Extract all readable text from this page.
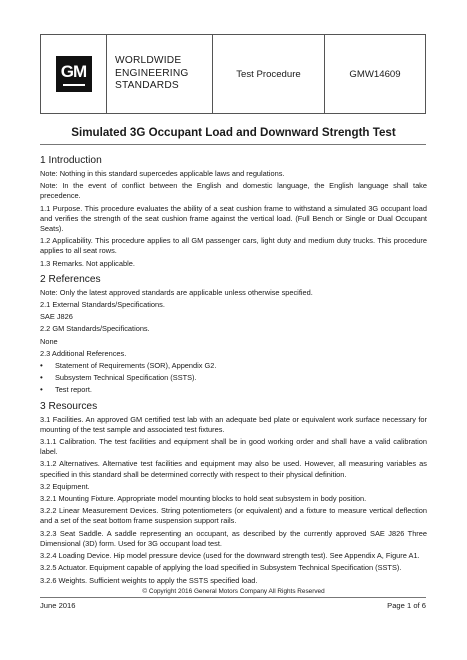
GM
WORLDWIDE
ENGINEERING
STANDARDS
Test Procedure	GMW14609
Simulated 3G Occupant Load and Downward Strength Test
1 Introduction
Note: Nothing in this standard supercedes applicable laws and regulations.
Note: In the event of conflict between the English and domestic language, the English language shall take precedence.
1.1 Purpose. This procedure evaluates the ability of a seat cushion frame to withstand a simulated 3G occupant load and verifies the strength of the seat cushion frame against the vertical load. (Full Bench or Single or Dual Occupant Seats).
1.2 Applicability. This procedure applies to all GM passenger cars, light duty and medium duty trucks. This procedure applies to all seat rows.
1.3 Remarks. Not applicable.
2 References
Note: Only the latest approved standards are applicable unless otherwise specified.
2.1 External Standards/Specifications.
SAE J826
2.2 GM Standards/Specifications.
None
2.3 Additional References.
• Statement of Requirements (SOR), Appendix G2.
• Subsystem Technical Specification (SSTS).
• Test report.
3 Resources
3.1 Facilities. An approved GM certified test lab with an adequate bed plate or equivalent work surface necessary for mounting of the test sample and associated test fixtures.
3.1.1 Calibration. The test facilities and equipment shall be in good working order and shall have a valid calibration label.
3.1.2 Alternatives. Alternative test facilities and equipment may also be used. However, all measuring variables as specified in this standard shall be determined correctly with respect to their physical definition.
3.2 Equipment.
3.2.1 Mounting Fixture. Appropriate model mounting blocks to hold seat subsystem in body position.
3.2.2 Linear Measurement Devices. String potentiometers (or equivalent) and a fixture to measure vertical deflection and a set of the seat bottom frame suspension support rails.
3.2.3 Seat Saddle. A saddle representing an occupant, as described by the currently approved SAE J826 Three Dimensional (3D) form. Used for 3G occupant load test.
3.2.4 Loading Device. Hip model pressure device (used for the downward strength test). See Appendix A, Figure A1.
3.2.5 Actuator. Equipment capable of applying the load specified in Subsystem Technical Specification (SSTS).
3.2.6 Weights. Sufficient weights to apply the SSTS specified load.
© Copyright 2016 General Motors Company All Rights Reserved
June 2016	Page 1 of 6
